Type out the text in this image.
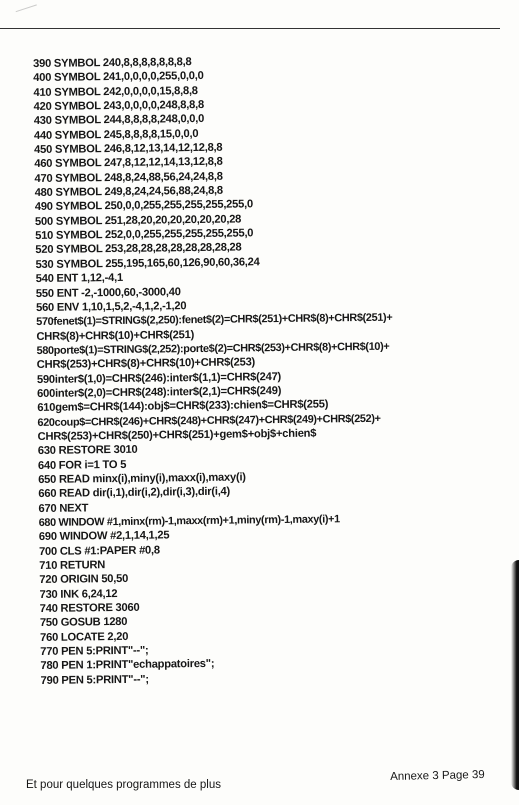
390 SYMBOL 240,8,8,8,8,8,8,8,8
400 SYMBOL 241,0,0,0,0,255,0,0,0
410 SYMBOL 242,0,0,0,0,15,8,8,8
420 SYMBOL 243,0,0,0,0,248,8,8,8
430 SYMBOL 244,8,8,8,8,248,0,0,0
440 SYMBOL 245,8,8,8,8,15,0,0,0
450 SYMBOL 246,8,12,13,14,12,12,8,8
460 SYMBOL 247,8,12,12,14,13,12,8,8
470 SYMBOL 248,8,24,88,56,24,24,8,8
480 SYMBOL 249,8,24,24,56,88,24,8,8
490 SYMBOL 250,0,0,255,255,255,255,255,0
500 SYMBOL 251,28,20,20,20,20,20,20,28
510 SYMBOL 252,0,0,255,255,255,255,255,0
520 SYMBOL 253,28,28,28,28,28,28,28,28
530 SYMBOL 255,195,165,60,126,90,60,36,24
540 ENT 1,12,-4,1
550 ENT -2,-1000,60,-3000,40
560 ENV 1,10,1,5,2,-4,1,2,-1,20
570fenet$(1)=STRING$(2,250):fenet$(2)=CHR$(251)+CHR$(8)+CHR$(251)+
CHR$(8)+CHR$(10)+CHR$(251)
580porte$(1)=STRING$(2,252):porte$(2)=CHR$(253)+CHR$(8)+CHR$(10)+
CHR$(253)+CHR$(8)+CHR$(10)+CHR$(253)
590inter$(1,0)=CHR$(246):inter$(1,1)=CHR$(247)
600inter$(2,0)=CHR$(248):inter$(2,1)=CHR$(249)
610gem$=CHR$(144):obj$=CHR$(233):chien$=CHR$(255)
620coup$=CHR$(246)+CHR$(248)+CHR$(247)+CHR$(249)+CHR$(252)+
CHR$(253)+CHR$(250)+CHR$(251)+gem$+obj$+chien$
630 RESTORE 3010
640 FOR i=1 TO 5
650 READ minx(i),miny(i),maxx(i),maxy(i)
660 READ dir(i,1),dir(i,2),dir(i,3),dir(i,4)
670 NEXT
680 WINDOW #1,minx(rm)-1,maxx(rm)+1,miny(rm)-1,maxy(i)+1
690 WINDOW #2,1,14,1,25
700 CLS #1:PAPER #0,8
710 RETURN
720 ORIGIN 50,50
730 INK 6,24,12
740 RESTORE 3060
750 GOSUB 1280
760 LOCATE 2,20
770 PEN 5:PRINT"--";
780 PEN 1:PRINT"echappatoires";
790 PEN 5:PRINT"--";
Et pour quelques programmes de plus
Annexe 3 Page 39
